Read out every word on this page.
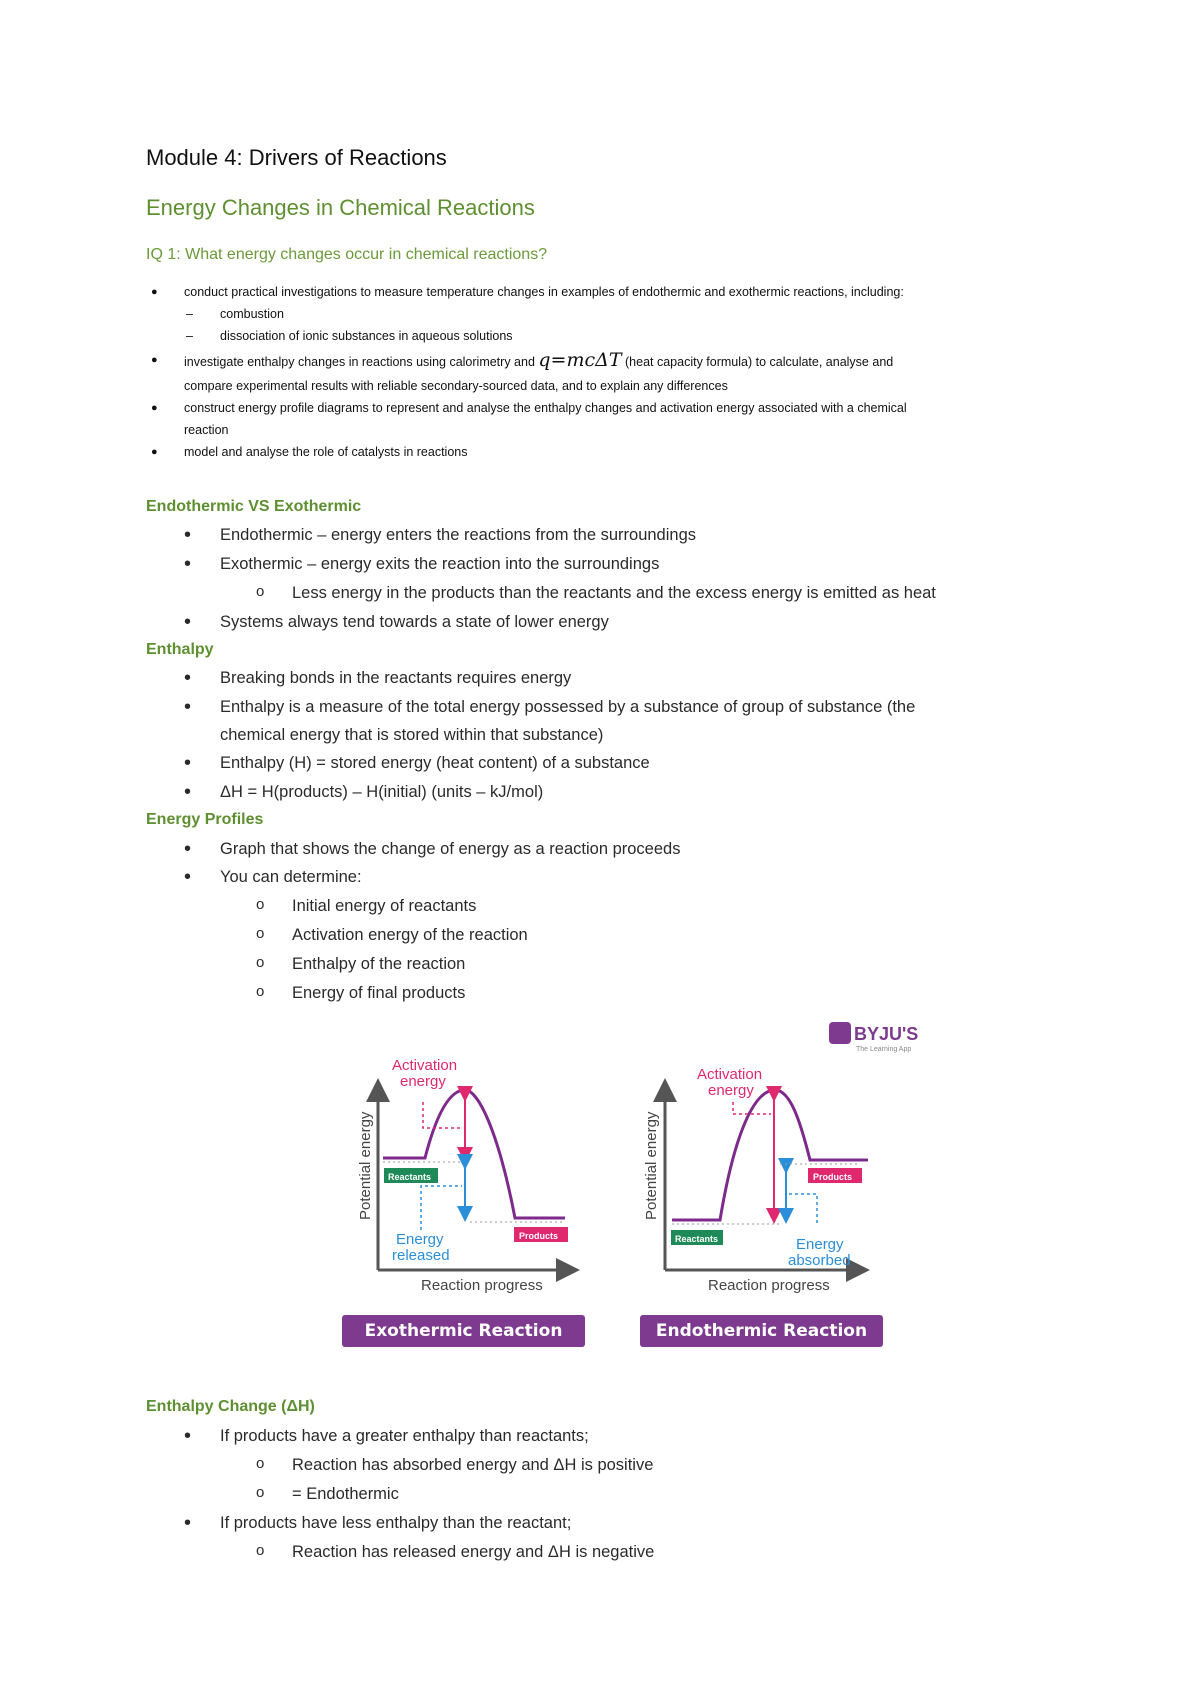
Module 4: Drivers of Reactions
Energy Changes in Chemical Reactions
IQ 1: What energy changes occur in chemical reactions?
● conduct practical investigations to measure temperature changes in examples of endothermic and exothermic reactions, including:
– combustion
– dissociation of ionic substances in aqueous solutions
● investigate enthalpy changes in reactions using calorimetry and q=mcΔT (heat capacity formula) to calculate, analyse and
compare experimental results with reliable secondary-sourced data, and to explain any differences
● construct energy profile diagrams to represent and analyse the enthalpy changes and activation energy associated with a chemical
reaction
● model and analyse the role of catalysts in reactions
Endothermic VS Exothermic
Endothermic – energy enters the reactions from the surroundings
Exothermic – energy exits the reaction into the surroundings
Less energy in the products than the reactants and the excess energy is emitted as heat
Systems always tend towards a state of lower energy
Enthalpy
Breaking bonds in the reactants requires energy
Enthalpy is a measure of the total energy possessed by a substance of group of substance (the
chemical energy that is stored within that substance)
Enthalpy (H) = stored energy (heat content) of a substance
ΔH = H(products) – H(initial) (units – kJ/mol)
Energy Profiles
Graph that shows the change of energy as a reaction proceeds
You can determine:
Initial energy of reactants
Activation energy of the reaction
Enthalpy of the reaction
Energy of final products
BYJU'S
The Learning App
Potential energy
Reaction progress
Activation
energy
Reactants
Products
Energy
released
Potential energy
Reaction progress
Activation
energy
Reactants
Products
Energy
absorbed
Exothermic Reaction	Endothermic Reaction
Enthalpy Change (ΔH)
If products have a greater enthalpy than reactants;
Reaction has absorbed energy and ΔH is positive
= Endothermic
If products have less enthalpy than the reactant;
Reaction has released energy and ΔH is negative
